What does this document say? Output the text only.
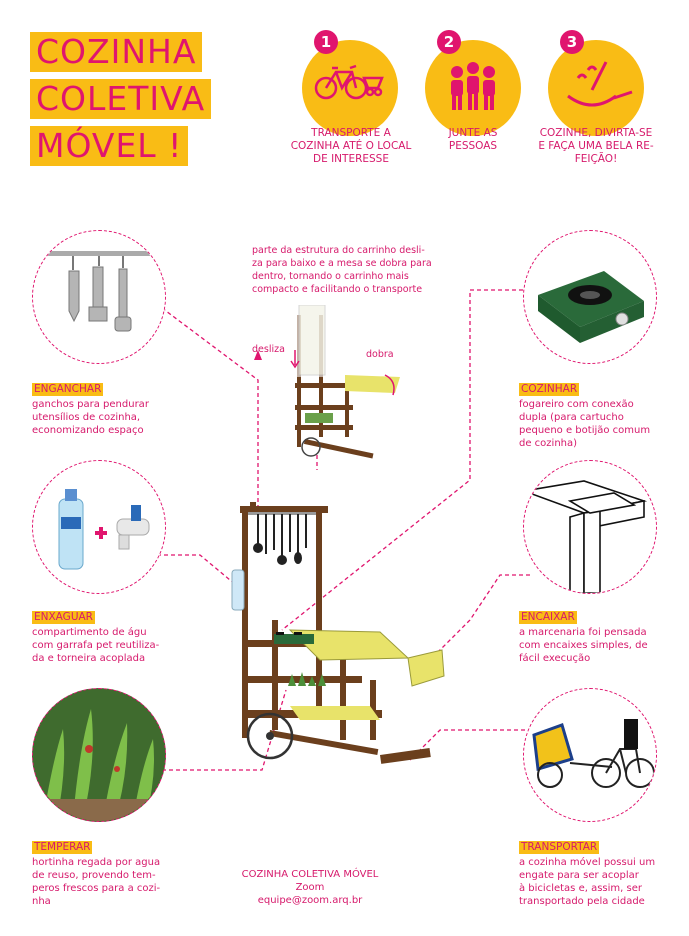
COZINHA
COLETIVA
MÓVEL !
1
TRANSPORTE A
COZINHA ATÉ O LOCAL
DE INTERESSE
2
JUNTE AS
PESSOAS
3
COZINHE, DIVIRTA-SE
E FAÇA UMA BELA RE-
FEIÇÃO!
parte da estrutura do carrinho desli-
za para baixo e a mesa se dobra para
dentro, tornando o carrinho mais
compacto e facilitando o transporte
desliza	dobra
ENGANCHAR
ganchos para pendurar
utensílios de cozinha,
economizando espaço
ENXAGUAR
compartimento de águ
com garrafa pet reutiliza-
da e torneira acoplada
TEMPERAR
hortinha regada por agua
de reuso, provendo tem-
peros frescos para a cozi-
nha
COZINHAR
fogareiro com conexão
dupla (para cartucho
pequeno e botijão comum
de cozinha)
ENCAIXAR
a marcenaria foi pensada
com encaixes simples, de
fácil execução
TRANSPORTAR
a cozinha móvel possui um
engate para ser acoplar
à bicicletas e, assim, ser
transportado pela cidade
COZINHA COLETIVA MÓVEL
Zoom
equipe@zoom.arq.br
